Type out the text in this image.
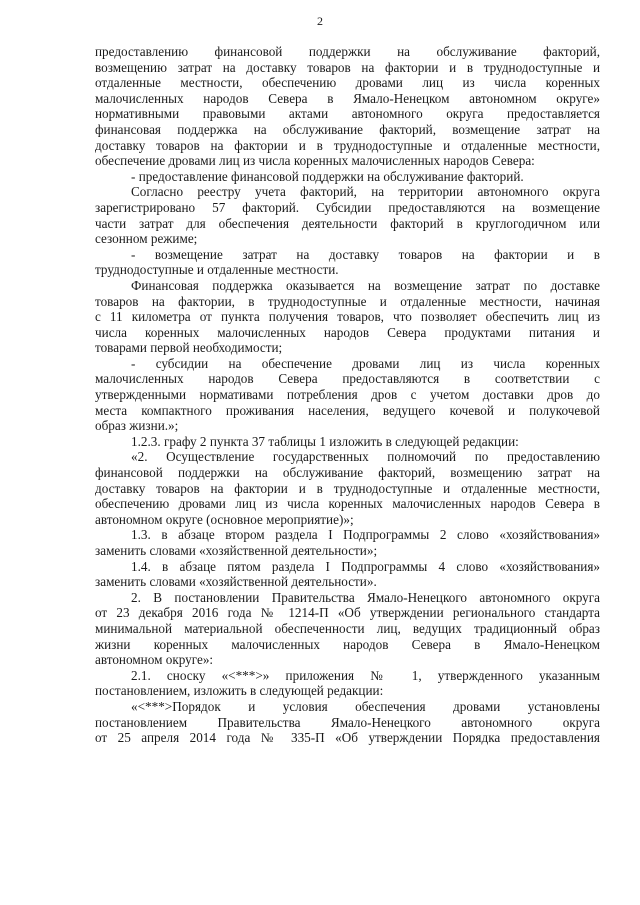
2
предоставлению финансовой поддержки на обслуживание факторий,
возмещению затрат на доставку товаров на фактории и в труднодоступные и
отдаленные местности, обеспечению дровами лиц из числа коренных
малочисленных народов Севера в Ямало-Ненецком автономном округе»
нормативными правовыми актами автономного округа предоставляется
финансовая поддержка на обслуживание факторий, возмещение затрат на
доставку товаров на фактории и в труднодоступные и отдаленные местности,
обеспечение дровами лиц из числа коренных малочисленных народов Севера:
- предоставление финансовой поддержки на обслуживание факторий.
Согласно реестру учета факторий, на территории автономного округа
зарегистрировано 57 факторий. Субсидии предоставляются на возмещение
части затрат для обеспечения деятельности факторий в круглогодичном или
сезонном режиме;
- возмещение затрат на доставку товаров на фактории и в
труднодоступные и отдаленные местности.
Финансовая поддержка оказывается на возмещение затрат по доставке
товаров на фактории, в труднодоступные и отдаленные местности, начиная
с 11 километра от пункта получения товаров, что позволяет обеспечить лиц из
числа коренных малочисленных народов Севера продуктами питания и
товарами первой необходимости;
- субсидии на обеспечение дровами лиц из числа коренных
малочисленных народов Севера предоставляются в соответствии с
утвержденными нормативами потребления дров с учетом доставки дров до
места компактного проживания населения, ведущего кочевой и полукочевой
образ жизни.»;
1.2.3. графу 2 пункта 37 таблицы 1 изложить в следующей редакции:
«2. Осуществление государственных полномочий по предоставлению
финансовой поддержки на обслуживание факторий, возмещению затрат на
доставку товаров на фактории и в труднодоступные и отдаленные местности,
обеспечению дровами лиц из числа коренных малочисленных народов Севера в
автономном округе (основное мероприятие)»;
1.3. в абзаце втором раздела I Подпрограммы 2 слово «хозяйствования»
заменить словами «хозяйственной деятельности»;
1.4. в абзаце пятом раздела I Подпрограммы 4 слово «хозяйствования»
заменить словами «хозяйственной деятельности».
2. В постановлении Правительства Ямало-Ненецкого автономного округа
от 23 декабря 2016 года № 1214-П «Об утверждении регионального стандарта
минимальной материальной обеспеченности лиц, ведущих традиционный образ
жизни коренных малочисленных народов Севера в Ямало-Ненецком
автономном округе»:
2.1. сноску «<***>» приложения № 1, утвержденного указанным
постановлением, изложить в следующей редакции:
«<***>Порядок и условия обеспечения дровами установлены
постановлением Правительства Ямало-Ненецкого автономного округа
от 25 апреля 2014 года № 335-П «Об утверждении Порядка предоставления
